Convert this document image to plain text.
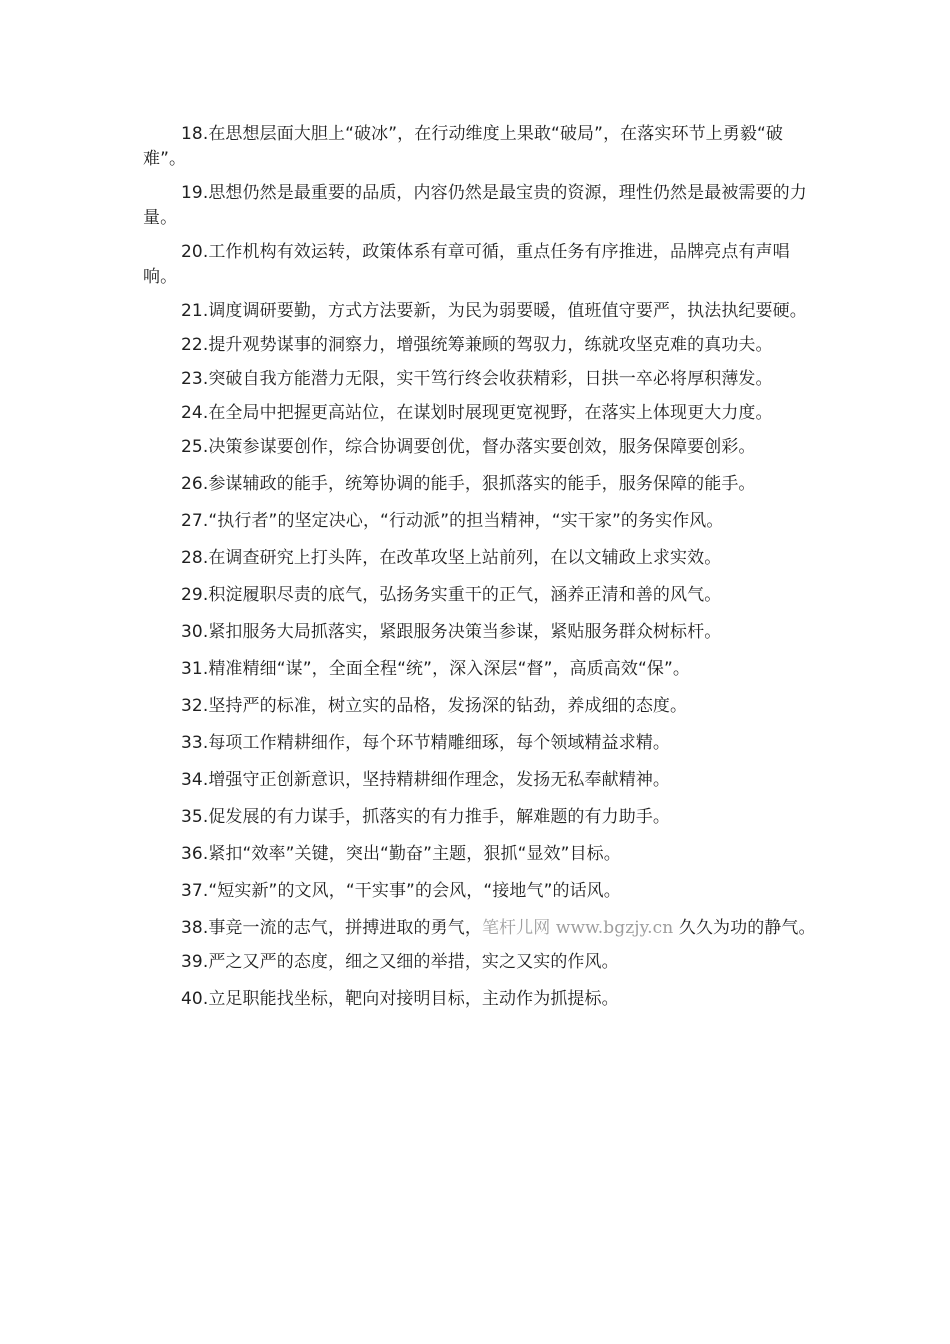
18.在思想层面大胆上“破冰”，在行动维度上果敢“破局”，在落实环节上勇毅“破难”。

19.思想仍然是最重要的品质，内容仍然是最宝贵的资源，理性仍然是最被需要的力量。

20.工作机构有效运转，政策体系有章可循，重点任务有序推进，品牌亮点有声唱响。

21.调度调研要勤，方式方法要新，为民为弱要暖，值班值守要严，执法执纪要硬。

22.提升观势谋事的洞察力，增强统筹兼顾的驾驭力，练就攻坚克难的真功夫。

23.突破自我方能潜力无限，实干笃行终会收获精彩，日拱一卒必将厚积薄发。

24.在全局中把握更高站位，在谋划时展现更宽视野，在落实上体现更大力度。

25.决策参谋要创作，综合协调要创优，督办落实要创效，服务保障要创彩。

26.参谋辅政的能手，统筹协调的能手，狠抓落实的能手，服务保障的能手。

27.“执行者”的坚定决心，“行动派”的担当精神，“实干家”的务实作风。

28.在调查研究上打头阵，在改革攻坚上站前列，在以文辅政上求实效。

29.积淀履职尽责的底气，弘扬务实重干的正气，涵养正清和善的风气。

30.紧扣服务大局抓落实，紧跟服务决策当参谋，紧贴服务群众树标杆。

31.精准精细“谋”，全面全程“统”，深入深层“督”，高质高效“保”。

32.坚持严的标准，树立实的品格，发扬深的钻劲，养成细的态度。

33.每项工作精耕细作，每个环节精雕细琢，每个领域精益求精。

34.增强守正创新意识，坚持精耕细作理念，发扬无私奉献精神。

35.促发展的有力谋手，抓落实的有力推手，解难题的有力助手。

36.紧扣“效率”关键，突出“勤奋”主题，狠抓“显效”目标。

37.“短实新”的文风，“干实事”的会风，“接地气”的话风。

38.事竞一流的志气，拼搏进取的勇气，笔杆儿网 www.bgzjy.cn 久久为功的静气。

39.严之又严的态度，细之又细的举措，实之又实的作风。

40.立足职能找坐标，靶向对接明目标，主动作为抓提标。
